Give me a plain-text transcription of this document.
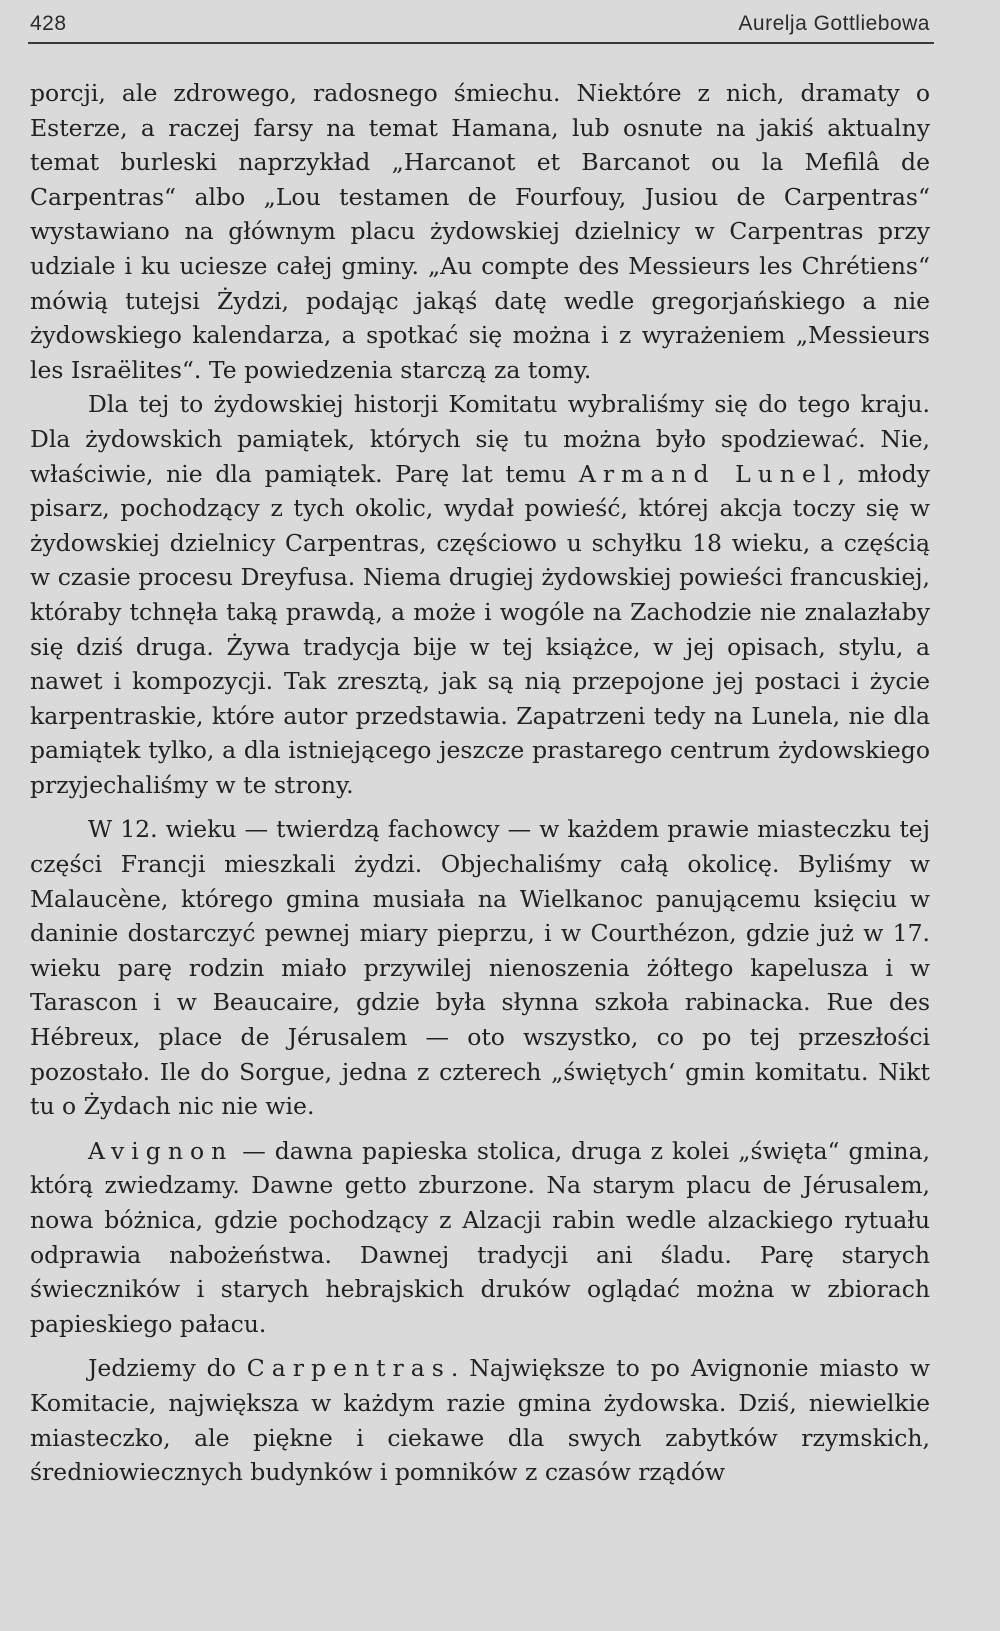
428	Aurelja Gottliebowa

porcji, ale zdrowego, radosnego śmiechu. Niektóre z nich, dramaty o Esterze, a raczej farsy na temat Hamana, lub osnute na jakiś aktualny temat burleski naprzykład „Harcanot et Barcanot ou la Mefilâ de Carpentras“ albo „Lou testamen de Fourfouy, Jusiou de Carpentras“ wystawiano na głównym placu żydowskiej dzielnicy w Carpentras przy udziale i ku uciesze całej gminy. „Au compte des Messieurs les Chrétiens“ mówią tutejsi Żydzi, podając jakąś datę wedle gregorjańskiego a nie żydowskiego kalendarza, a spotkać się można i z wyrażeniem „Messieurs les Israëlites“. Te powiedzenia starczą za tomy.

Dla tej to żydowskiej historji Komitatu wybraliśmy się do tego kraju. Dla żydowskich pamiątek, których się tu można było spodziewać. Nie, właściwie, nie dla pamiątek. Parę lat temu Armand Lunel, młody pisarz, pochodzący z tych okolic, wydał powieść, której akcja toczy się w żydowskiej dzielnicy Carpentras, częściowo u schyłku 18 wieku, a częścią w czasie procesu Dreyfusa. Niema drugiej żydowskiej powieści francuskiej, któraby tchnęła taką prawdą, a może i wogóle na Zachodzie nie znalazłaby się dziś druga. Żywa tradycja bije w tej książce, w jej opisach, stylu, a nawet i kompozycji. Tak zresztą, jak są nią przepojone jej postaci i życie karpentraskie, które autor przedstawia. Zapatrzeni tedy na Lunela, nie dla pamiątek tylko, a dla istniejącego jeszcze prastarego centrum żydowskiego przyjechaliśmy w te strony.

W 12. wieku — twierdzą fachowcy — w każdem prawie miasteczku tej części Francji mieszkali żydzi. Objechaliśmy całą okolicę. Byliśmy w Malaucène, którego gmina musiała na Wielkanoc panującemu księciu w daninie dostarczyć pewnej miary pieprzu, i w Courthézon, gdzie już w 17. wieku parę rodzin miało przywilej nienoszenia żółtego kapelusza i w Tarascon i w Beaucaire, gdzie była słynna szkoła rabinacka. Rue des Hébreux, place de Jérusalem — oto wszystko, co po tej przeszłości pozostało. Ile do Sorgue, jedna z czterech „świętych‘ gmin komitatu. Nikt tu o Żydach nic nie wie.

Avignon — dawna papieska stolica, druga z kolei „święta“ gmina, którą zwiedzamy. Dawne getto zburzone. Na starym placu de Jérusalem, nowa bóżnica, gdzie pochodzący z Alzacji rabin wedle alzackiego rytuału odprawia nabożeństwa. Dawnej tradycji ani śladu. Parę starych świeczników i starych hebrajskich druków oglądać można w zbiorach papieskiego pałacu.

Jedziemy do Carpentras. Największe to po Avignonie miasto w Komitacie, największa w każdym razie gmina żydowska. Dziś, niewielkie miasteczko, ale piękne i ciekawe dla swych zabytków rzymskich, średniowiecznych budynków i pomników z czasów rządów
